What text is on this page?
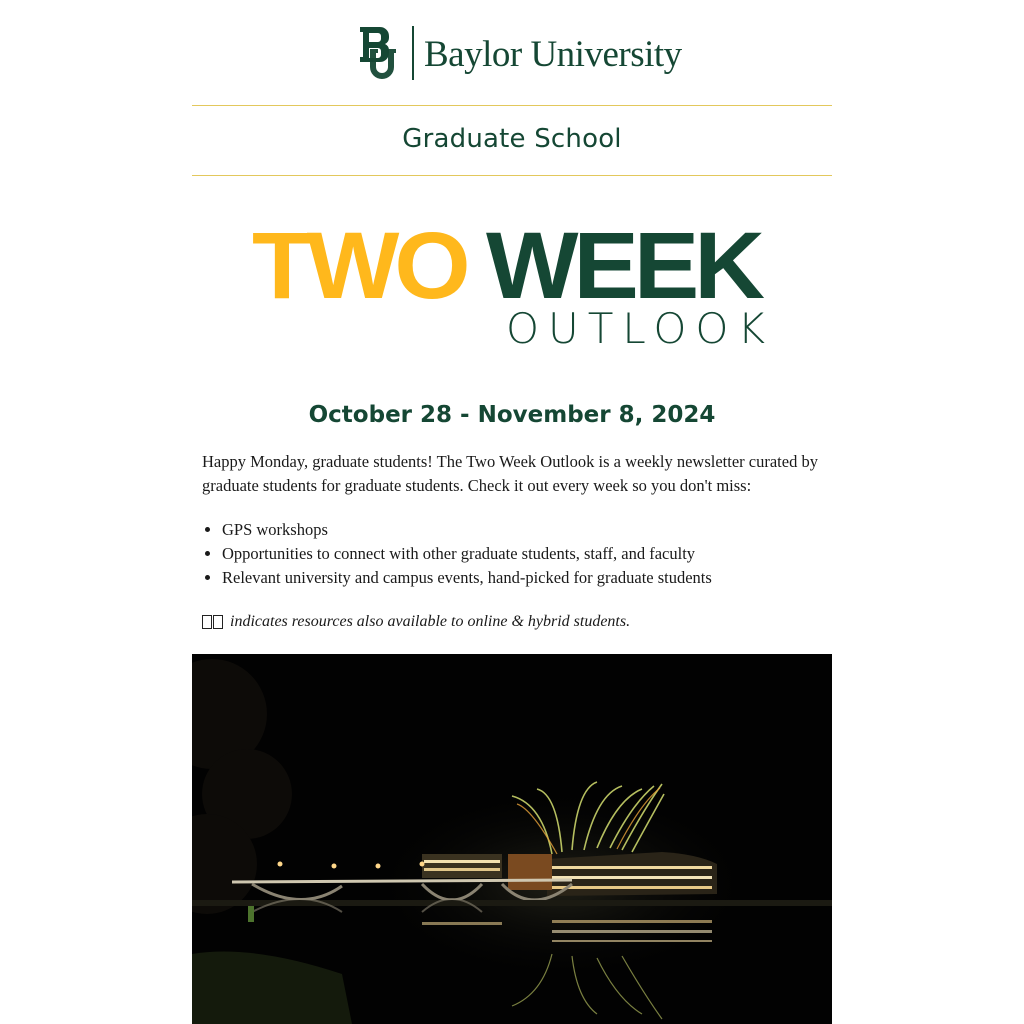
Baylor University
Graduate School
TWO WEEK
OUTLOOK
October 28 - November 8, 2024

Happy Monday, graduate students! The Two Week Outlook is a weekly newsletter curated by graduate students for graduate students. Check it out every week so you don't miss:

• GPS workshops
• Opportunities to connect with other graduate students, staff, and faculty
• Relevant university and campus events, hand-picked for graduate students

indicates resources also available to online & hybrid students.
